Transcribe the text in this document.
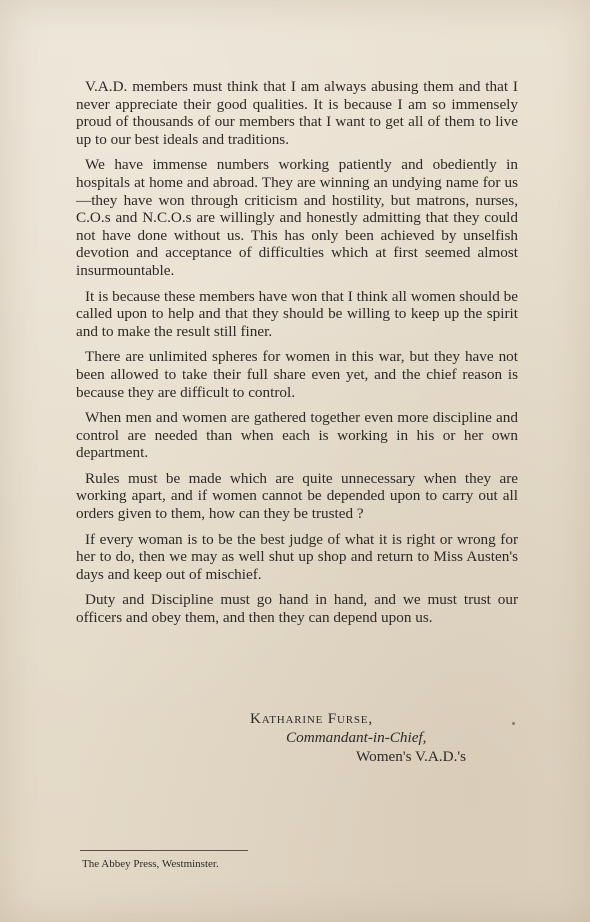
V.A.D. members must think that I am always abusing them and that I never appreciate their good qualities. It is because I am so immensely proud of thousands of our members that I want to get all of them to live up to our best ideals and traditions.

We have immense numbers working patiently and obediently in hospitals at home and abroad. They are winning an undying name for us—they have won through criticism and hostility, but matrons, nurses, C.O.s and N.C.O.s are willingly and honestly admitting that they could not have done without us. This has only been achieved by unselfish devotion and acceptance of difficulties which at first seemed almost insurmountable.

It is because these members have won that I think all women should be called upon to help and that they should be willing to keep up the spirit and to make the result still finer.

There are unlimited spheres for women in this war, but they have not been allowed to take their full share even yet, and the chief reason is because they are difficult to control.

When men and women are gathered together even more discipline and control are needed than when each is working in his or her own department.

Rules must be made which are quite unnecessary when they are working apart, and if women cannot be depended upon to carry out all orders given to them, how can they be trusted ?

If every woman is to be the best judge of what it is right or wrong for her to do, then we may as well shut up shop and return to Miss Austen's days and keep out of mischief.

Duty and Discipline must go hand in hand, and we must trust our officers and obey them, and then they can depend upon us.

Katharine Furse,
Commandant-in-Chief,
Women's V.A.D.'s
The Abbey Press, Westminster.
